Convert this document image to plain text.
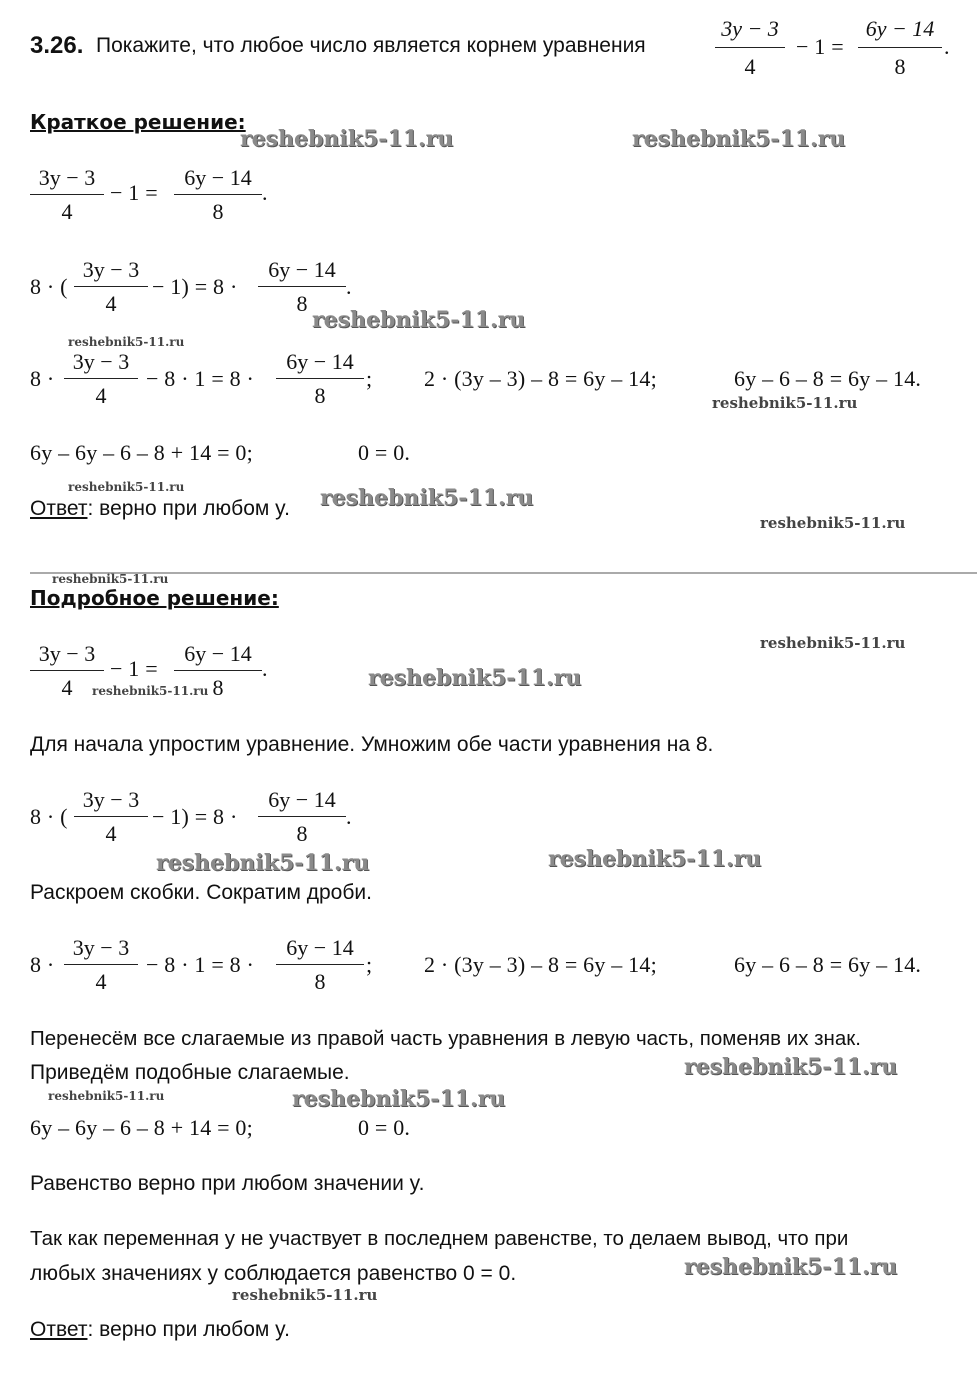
3.26. Покажите, что любое число является корнем уравнения
3y − 3
4
− 1 =
6y − 14
8
.
Краткое решение:
3y − 3
4
− 1 =
6y − 14
8
.
8 · (
3y − 3
4
− 1) = 8 ·
6y − 14
8
.
8 ·
3y − 3
4
− 8 · 1 = 8 ·
6y − 14
8
; 2 · (3y – 3) – 8 = 6y – 14;	6y – 6 – 8 = 6y – 14.
6y – 6y – 6 – 8 + 14 = 0;	0 = 0.
Ответ: верно при любом y.
Подробное решение:
3y − 3
4
− 1 =
6y − 14
8
.
Для начала упростим уравнение. Умножим обе части уравнения на 8.
8 · (
3y − 3
4
− 1) = 8 ·
6y − 14
8
.
Раскроем скобки. Сократим дроби.
8 ·
3y − 3
4
− 8 · 1 = 8 ·
6y − 14
8
; 2 · (3y – 3) – 8 = 6y – 14;	6y – 6 – 8 = 6y – 14.
Перенесём все слагаемые из правой часть уравнения в левую часть, поменяв их знак.
Приведём подобные слагаемые.
6y – 6y – 6 – 8 + 14 = 0;	0 = 0.
Равенство верно при любом значении y.
Так как переменная y не участвует в последнем равенстве, то делаем вывод, что при
любых значениях y соблюдается равенство 0 = 0.
Ответ: верно при любом y.
reshebnik5-11.ru	reshebnik5-11.ru
reshebnik5-11.ru
reshebnik5-11.ru
reshebnik5-11.ru
reshebnik5-11.ru	reshebnik5-11.ru
reshebnik5-11.ru
reshebnik5-11.ru
reshebnik5-11.ru
reshebnik5-11.ru	reshebnik5-11.ru
reshebnik5-11.ru	reshebnik5-11.ru
reshebnik5-11.ru
reshebnik5-11.ru
reshebnik5-11.ru
reshebnik5-11.ru
reshebnik5-11.ru
